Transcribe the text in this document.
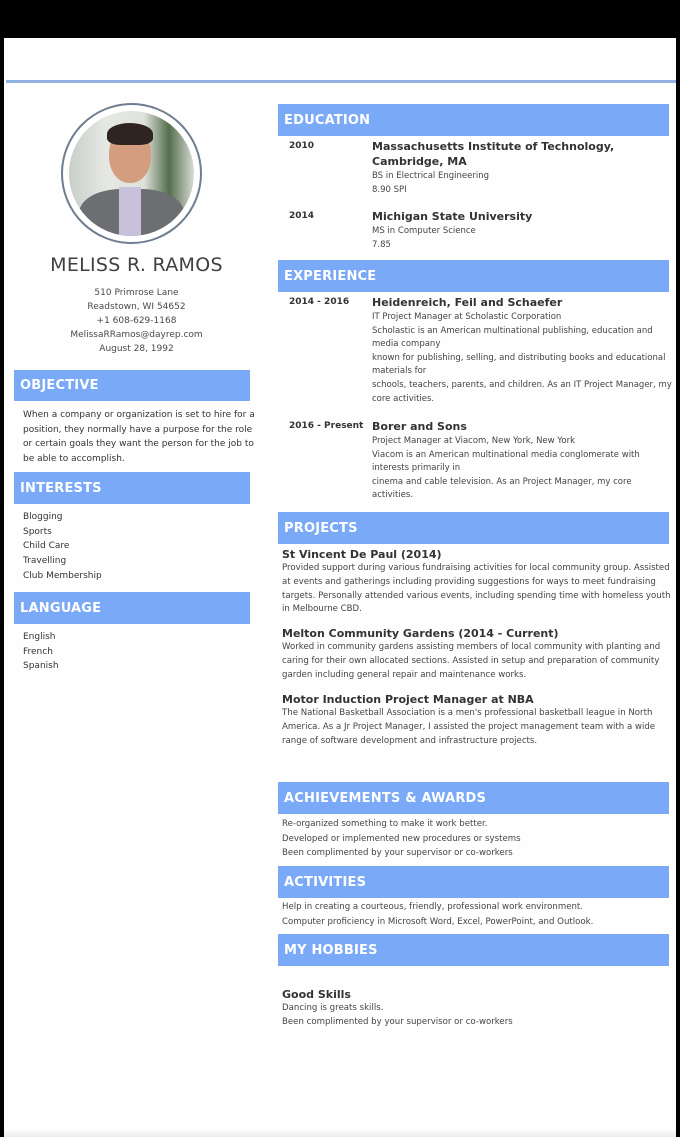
MELISS R. RAMOS
510 Primrose Lane
Readstown, WI 54652
+1 608-629-1168
MelissaRRamos@dayrep.com
August 28, 1992
OBJECTIVE
When a company or organization is set to hire for a position, they normally have a purpose for the role or certain goals they want the person for the job to be able to accomplish.
INTERESTS
Blogging
Sports
Child Care
Travelling
Club Membership
LANGUAGE
English
French
Spanish
EDUCATION
2010	Massachusetts Institute of Technology, Cambridge, MA
BS in Electrical Engineering
8.90 SPI
2014	Michigan State University
MS in Computer Science
7.85
EXPERIENCE
2014 - 2016 Heidenreich, Feil and Schaefer
IT Project Manager at Scholastic Corporation
Scholastic is an American multinational publishing, education and media company
known for publishing, selling, and distributing books and educational materials for
schools, teachers, parents, and children. As an IT Project Manager, my core activities.
2016 - Present Borer and Sons
Project Manager at Viacom, New York, New York
Viacom is an American multinational media conglomerate with interests primarily in
cinema and cable television. As an Project Manager, my core activities.
PROJECTS
St Vincent De Paul (2014)
Provided support during various fundraising activities for local community group. Assisted at events and gatherings including providing suggestions for ways to meet fundraising targets. Personally attended various events, including spending time with homeless youth in Melbourne CBD.
Melton Community Gardens (2014 - Current)
Worked in community gardens assisting members of local community with planting and caring for their own allocated sections. Assisted in setup and preparation of community garden including general repair and maintenance works.
Motor Induction Project Manager at NBA
The National Basketball Association is a men's professional basketball league in North
America. As a Jr Project Manager, I assisted the project management team with a wide
range of software development and infrastructure projects.
ACHIEVEMENTS & AWARDS
Re-organized something to make it work better.
Developed or implemented new procedures or systems
Been complimented by your supervisor or co-workers
ACTIVITIES
Help in creating a courteous, friendly, professional work environment.
Computer proficiency in Microsoft Word, Excel, PowerPoint, and Outlook.
MY HOBBIES
Good Skills
Dancing is greats skills.
Been complimented by your supervisor or co-workers
